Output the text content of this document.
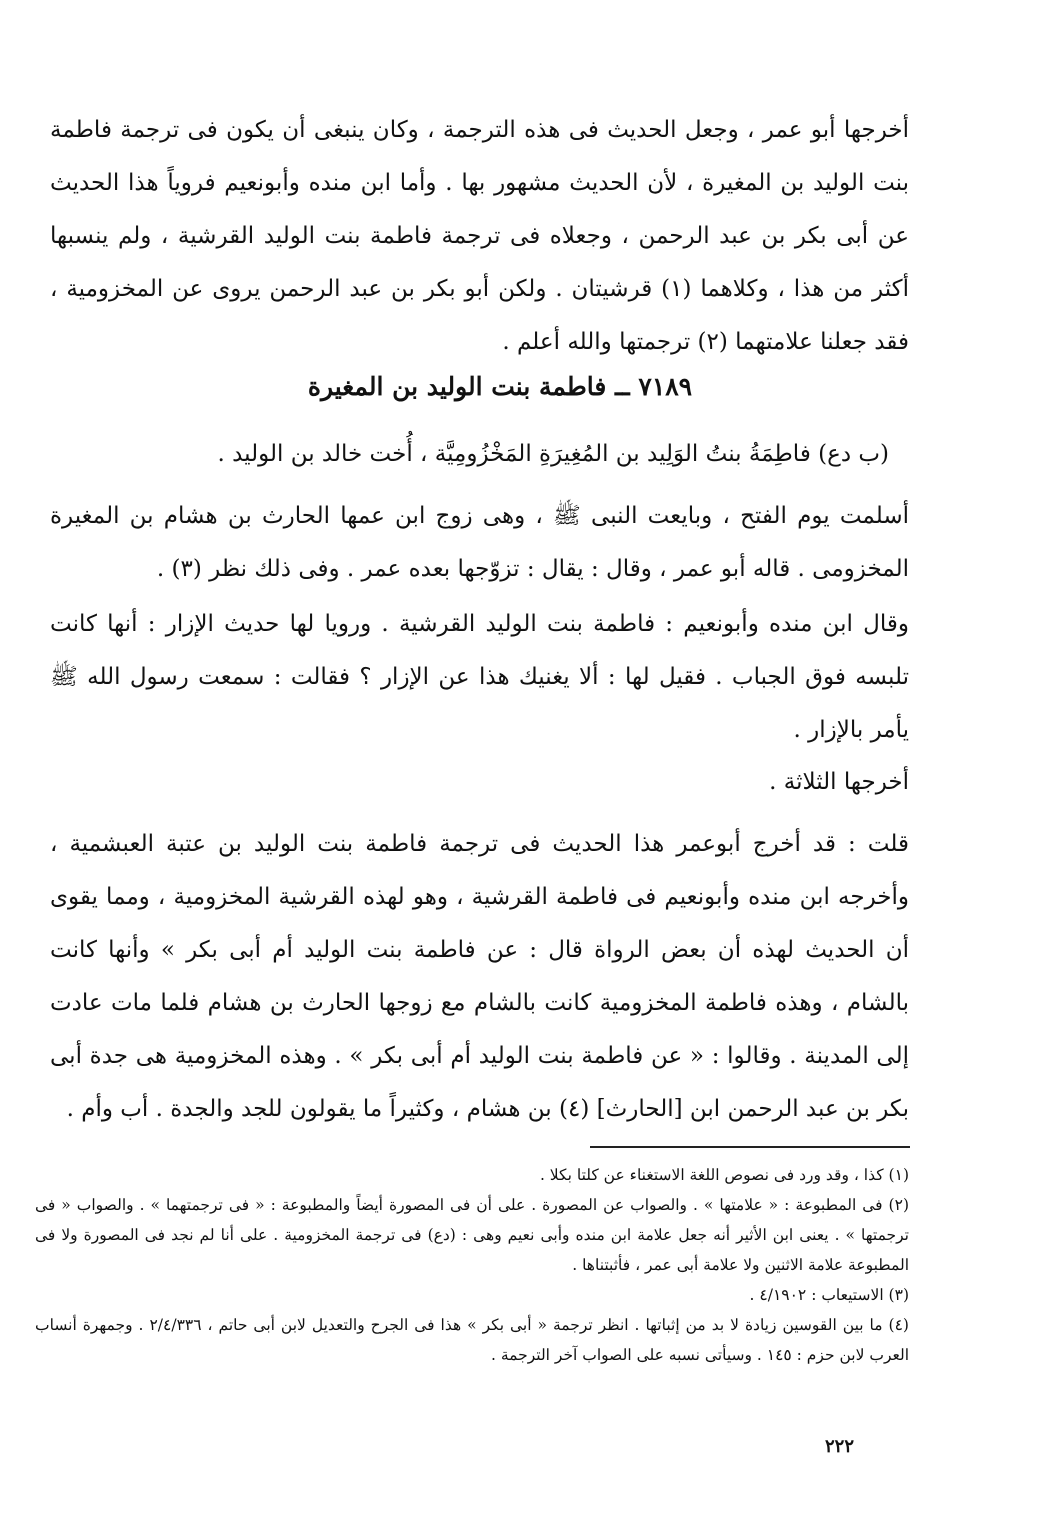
أخرجها أبو عمر ، وجعل الحديث فى هذه الترجمة ، وكان ينبغى أن يكون فى ترجمة فاطمة بنت الوليد بن المغيرة ، لأن الحديث مشهور بها . وأما ابن منده وأبونعيم فروياً هذا الحديث عن أبى بكر بن عبد الرحمن ، وجعلاه فى ترجمة فاطمة بنت الوليد القرشية ، ولم ينسبها أكثر من هذا ، وكلاهما (١) قرشيتان . ولكن أبو بكر بن عبد الرحمن يروى عن المخزومية ، فقد جعلنا علامتهما (٢) ترجمتها والله أعلم .

٧١٨٩ ــ فاطمة بنت الوليد بن المغيرة

(ب دع) فاطِمَةُ بنتُ الوَلِيد بن المُغِيرَةِ المَخْزُومِيَّة ، أُخت خالد بن الوليد .

أسلمت يوم الفتح ، وبايعت النبى ﷺ ، وهى زوج ابن عمها الحارث بن هشام بن المغيرة المخزومى . قاله أبو عمر ، وقال : يقال : تزوّجها بعده عمر . وفى ذلك نظر (٣) .

وقال ابن منده وأبونعيم : فاطمة بنت الوليد القرشية . ورويا لها حديث الإزار : أنها كانت تلبسه فوق الجباب . فقيل لها : ألا يغنيك هذا عن الإزار ؟ فقالت : سمعت رسول الله ﷺ يأمر بالإزار .

أخرجها الثلاثة .

قلت : قد أخرج أبوعمر هذا الحديث فى ترجمة فاطمة بنت الوليد بن عتبة العبشمية ، وأخرجه ابن منده وأبونعيم فى فاطمة القرشية ، وهو لهذه القرشية المخزومية ، ومما يقوى أن الحديث لهذه أن بعض الرواة قال : عن فاطمة بنت الوليد أم أبى بكر » وأنها كانت بالشام ، وهذه فاطمة المخزومية كانت بالشام مع زوجها الحارث بن هشام فلما مات عادت إلى المدينة . وقالوا : « عن فاطمة بنت الوليد أم أبى بكر » . وهذه المخزومية هى جدة أبى بكر بن عبد الرحمن ابن [الحارث] (٤) بن هشام ، وكثيراً ما يقولون للجد والجدة . أب وأم .

(١) كذا ، وقد ورد فى نصوص اللغة الاستغناء عن كلتا بكلا .

(٢) فى المطبوعة : « علامتها » . والصواب عن المصورة . على أن فى المصورة أيضاً والمطبوعة : « فى ترجمتهما » . والصواب « فى ترجمتها » . يعنى ابن الأثير أنه جعل علامة ابن منده وأبى نعيم وهى : (دع) فى ترجمة المخزومية . على أنا لم نجد فى المصورة ولا فى المطبوعة علامة الاثنين ولا علامة أبى عمر ، فأثبتناها .

(٣) الاستيعاب : ٤/١٩٠٢ .

(٤) ما بين القوسين زيادة لا بد من إثباتها . انظر ترجمة « أبى بكر » هذا فى الجرح والتعديل لابن أبى حاتم ، ٢/٤/٣٣٦ . وجمهرة أنساب العرب لابن حزم : ١٤٥ . وسيأتى نسبه على الصواب آخر الترجمة .

٢٢٢
